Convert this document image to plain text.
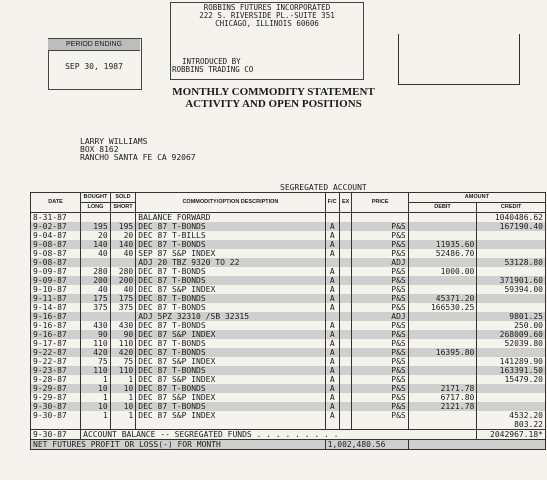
PERIOD ENDING
SEP 30, 1987
ROBBINS FUTURES INCORPORATED
222 S. RIVERSIDE PL.-SUITE 351
CHICAGO, ILLINOIS 60606
INTRODUCED BY
ROBBINS TRADING CO
MONTHLY COMMODITY STATEMENT
ACTIVITY AND OPEN POSITIONS
LARRY WILLIAMS
BOX 8162
RANCHO SANTA FE CA 92067
SEGREGATED ACCOUNT
DATE	BOUGHT	SOLD	COMMODITY/OPTION DESCRIPTION	F/C	EX	PRICE	AMOUNT	
	LONG	SHORT					DEBIT	CREDIT
8-31-87			BALANCE FORWARD					1040486.62
9-02-87	195	195	DEC 87 T-BONDS	A		P&S		167190.40
9-04-87	20	20	DEC 87 T-BILLS	A		P&S		
9-08-87	140	140	DEC 87 T-BONDS	A		P&S	11935.60	
9-08-87	40	40	SEP 87 S&P INDEX	A		P&S	52486.70	
9-08-87			ADJ 20 TBZ 9320 TO 22			ADJ		53128.80
9-09-87	280	280	DEC 87 T-BONDS	A		P&S	1000.00	
9-09-87	200	200	DEC 87 T-BONDS	A		P&S		371901.60
9-10-87	40	40	DEC 87 S&P INDEX	A		P&S		59394.00
9-11-87	175	175	DEC 87 T-BONDS	A		P&S	45371.20	
9-14-87	375	375	DEC 87 T-BONDS	A		P&S	166530.25	
9-16-87			ADJ 5PZ 32310 /SB 32315			ADJ		9801.25
9-16-87	430	430	DEC 87 T-BONDS	A		P&S		250.00
9-16-87	90	90	DEC 87 S&P INDEX	A		P&S		268009.60
9-17-87	110	110	DEC 87 T-BONDS	A		P&S		52039.80
9-22-87	420	420	DEC 87 T-BONDS	A		P&S	16395.80	
9-22-87	75	75	DEC 87 S&P INDEX	A		P&S		141289.90
9-23-87	110	110	DEC 87 T-BONDS	A		P&S		163391.50
9-28-87	1	1	DEC 87 S&P INDEX	A		P&S		15479.20
9-29-87	10	10	DEC 87 T-BONDS	A		P&S	2171.78	
9-29-87	1	1	DEC 87 S&P INDEX	A		P&S	6717.80	
9-30-87	10	10	DEC 87 T-BONDS	A		P&S	2121.78	
9-30-87	1	1	DEC 87 S&P INDEX	A		P&S		4532.20
								803.22
9-30-87	ACCOUNT BALANCE -- SEGREGATED FUNDS . . . . . . . . .							2042967.18*
NET FUTURES PROFIT OR LOSS(-) FOR MONTH				1,002,480.56				
